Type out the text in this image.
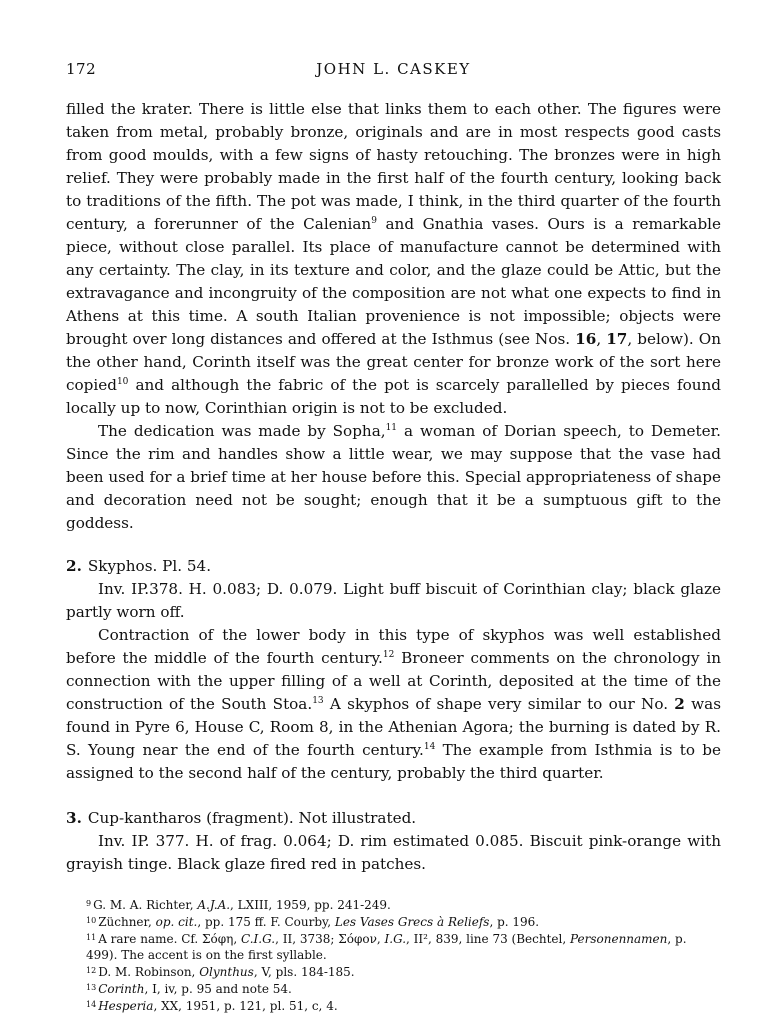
172	JOHN L. CASKEY

filled the krater. There is little else that links them to each other. The figures were taken from metal, probably bronze, originals and are in most respects good casts from good moulds, with a few signs of hasty retouching. The bronzes were in high relief. They were probably made in the first half of the fourth century, looking back to traditions of the fifth. The pot was made, I think, in the third quarter of the fourth century, a forerunner of the Calenian$^9$ and Gnathia vases. Ours is a remarkable piece, without close parallel. Its place of manufacture cannot be determined with any certainty. The clay, in its texture and color, and the glaze could be Attic, but the extravagance and incongruity of the composition are not what one expects to find in Athens at this time. A south Italian provenience is not impossible; objects were brought over long distances and offered at the Isthmus (see Nos. 16, 17, below). On the other hand, Corinth itself was the great center for bronze work of the sort here copied$^{10}$ and although the fabric of the pot is scarcely parallelled by pieces found locally up to now, Corinthian origin is not to be excluded.

The dedication was made by Sopha,$^{11}$ a woman of Dorian speech, to Demeter. Since the rim and handles show a little wear, we may suppose that the vase had been used for a brief time at her house before this. Special appropriateness of shape and decoration need not be sought; enough that it be a sumptuous gift to the goddess.

2. Skyphos. Pl. 54.

Inv. IP.378. H. 0.083; D. 0.079. Light buff biscuit of Corinthian clay; black glaze partly worn off.

Contraction of the lower body in this type of skyphos was well established before the middle of the fourth century.$^{12}$ Broneer comments on the chronology in connection with the upper filling of a well at Corinth, deposited at the time of the construction of the South Stoa.$^{13}$ A skyphos of shape very similar to our No. 2 was found in Pyre 6, House C, Room 8, in the Athenian Agora; the burning is dated by R. S. Young near the end of the fourth century.$^{14}$ The example from Isthmia is to be assigned to the second half of the century, probably the third quarter.

3. Cup-kantharos (fragment). Not illustrated.

Inv. IP. 377. H. of frag. 0.064; D. rim estimated 0.085. Biscuit pink-orange with grayish tinge. Black glaze fired red in patches.

$^9$ G. M. A. Richter, A.J.A., LXIII, 1959, pp. 241-249.

$^{10}$ Züchner, op. cit., pp. 175 ff. F. Courby, Les Vases Grecs à Reliefs, p. 196.

$^{11}$ A rare name. Cf. Σόφη, C.I.G., II, 3738; Σόφον, I.G., II², 839, line 73 (Bechtel, Personennamen, p. 499). The accent is on the first syllable.

$^{12}$ D. M. Robinson, Olynthus, V, pls. 184-185.

$^{13}$ Corinth, I, iv, p. 95 and note 54.

$^{14}$ Hesperia, XX, 1951, p. 121, pl. 51, c, 4.
